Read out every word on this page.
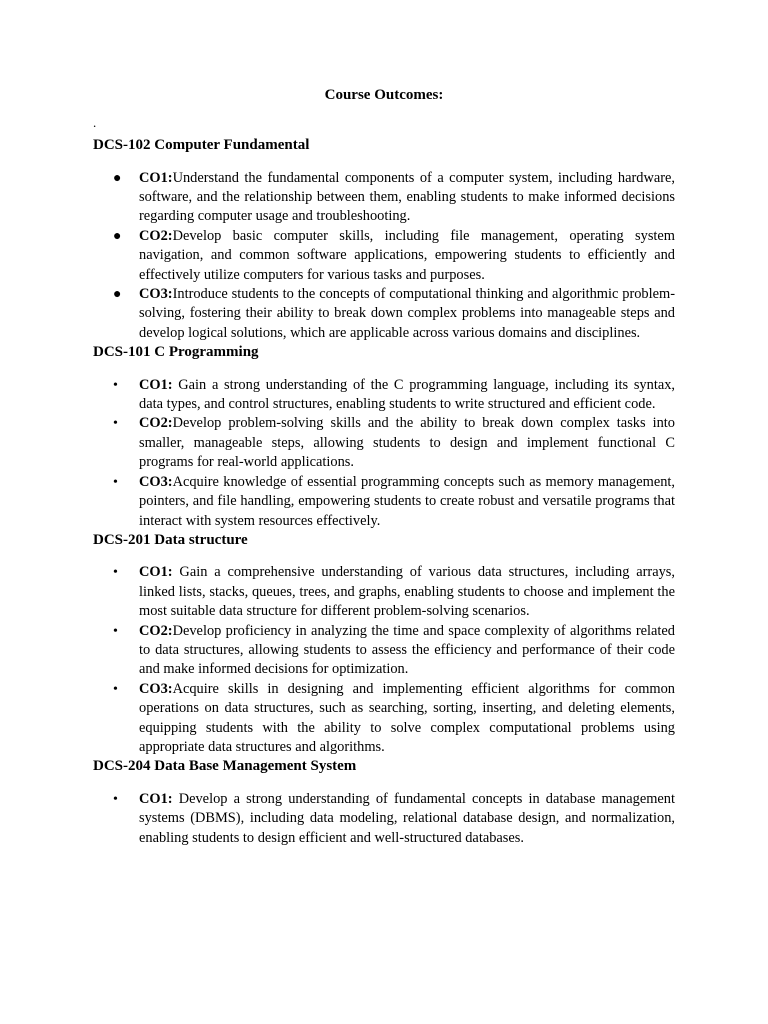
Course Outcomes:
.
DCS-102 Computer Fundamental
●	CO1:Understand the fundamental components of a computer system, including hardware, software, and the relationship between them, enabling students to make informed decisions regarding computer usage and troubleshooting.
●	CO2:Develop basic computer skills, including file management, operating system navigation, and common software applications, empowering students to efficiently and effectively utilize computers for various tasks and purposes.
●	CO3:Introduce students to the concepts of computational thinking and algorithmic problem-solving, fostering their ability to break down complex problems into manageable steps and develop logical solutions, which are applicable across various domains and disciplines.
DCS-101 C Programming
•	CO1: Gain a strong understanding of the C programming language, including its syntax, data types, and control structures, enabling students to write structured and efficient code.
•	CO2:Develop problem-solving skills and the ability to break down complex tasks into smaller, manageable steps, allowing students to design and implement functional C programs for real-world applications.
•	CO3:Acquire knowledge of essential programming concepts such as memory management, pointers, and file handling, empowering students to create robust and versatile programs that interact with system resources effectively.
DCS-201 Data structure
•	CO1: Gain a comprehensive understanding of various data structures, including arrays, linked lists, stacks, queues, trees, and graphs, enabling students to choose and implement the most suitable data structure for different problem-solving scenarios.
•	CO2:Develop proficiency in analyzing the time and space complexity of algorithms related to data structures, allowing students to assess the efficiency and performance of their code and make informed decisions for optimization.
•	CO3:Acquire skills in designing and implementing efficient algorithms for common operations on data structures, such as searching, sorting, inserting, and deleting elements, equipping students with the ability to solve complex computational problems using appropriate data structures and algorithms.
DCS-204 Data Base Management System
•	CO1: Develop a strong understanding of fundamental concepts in database management systems (DBMS), including data modeling, relational database design, and normalization, enabling students to design efficient and well-structured databases.
